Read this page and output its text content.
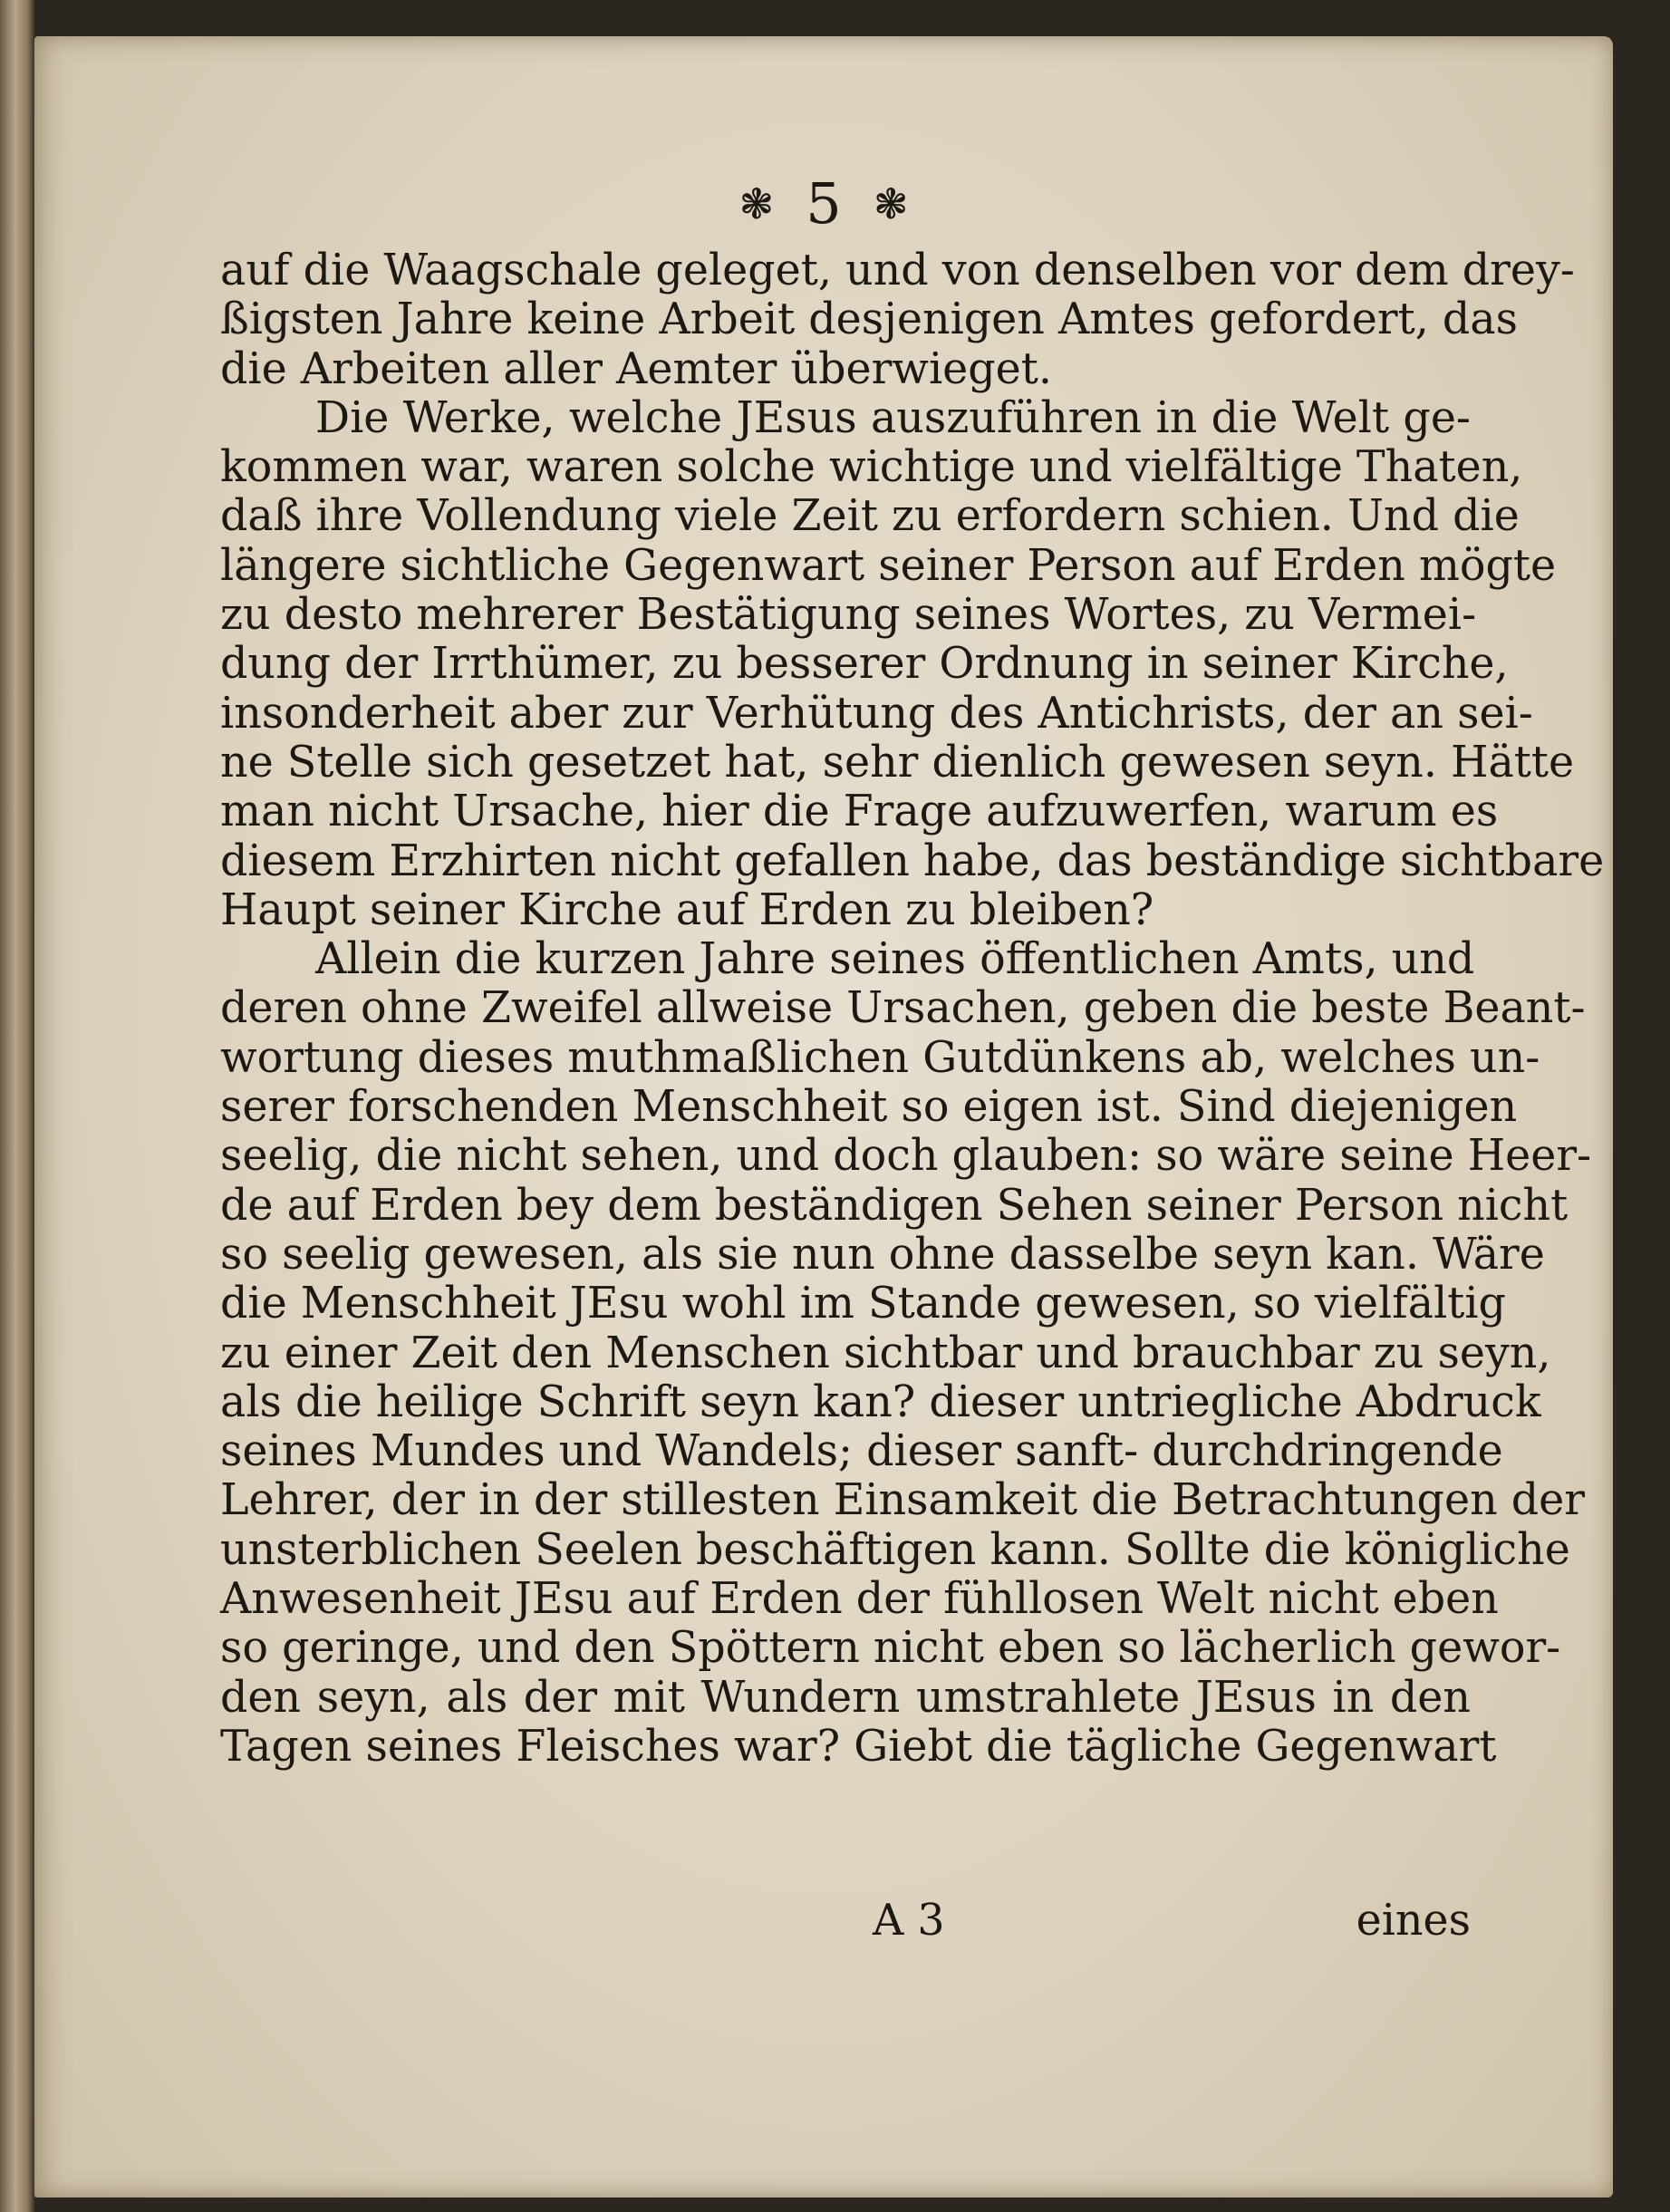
❃ 5 ❃
auf die Waagschale geleget, und von denselben vor dem drey-
ßigsten Jahre keine Arbeit desjenigen Amtes gefordert, das
die Arbeiten aller Aemter überwieget.
Die Werke, welche JEsus auszuführen in die Welt ge-
kommen war, waren solche wichtige und vielfältige Thaten,
daß ihre Vollendung viele Zeit zu erfordern schien. Und die
längere sichtliche Gegenwart seiner Person auf Erden mögte
zu desto mehrerer Bestätigung seines Wortes, zu Vermei-
dung der Irrthümer, zu besserer Ordnung in seiner Kirche,
insonderheit aber zur Verhütung des Antichrists, der an sei-
ne Stelle sich gesetzet hat, sehr dienlich gewesen seyn. Hätte
man nicht Ursache, hier die Frage aufzuwerfen, warum es
diesem Erzhirten nicht gefallen habe, das beständige sichtbare
Haupt seiner Kirche auf Erden zu bleiben?
Allein die kurzen Jahre seines öffentlichen Amts, und
deren ohne Zweifel allweise Ursachen, geben die beste Beant-
wortung dieses muthmaßlichen Gutdünkens ab, welches un-
serer forschenden Menschheit so eigen ist. Sind diejenigen
seelig, die nicht sehen, und doch glauben: so wäre seine Heer-
de auf Erden bey dem beständigen Sehen seiner Person nicht
so seelig gewesen, als sie nun ohne dasselbe seyn kan. Wäre
die Menschheit JEsu wohl im Stande gewesen, so vielfältig
zu einer Zeit den Menschen sichtbar und brauchbar zu seyn,
als die heilige Schrift seyn kan? dieser untriegliche Abdruck
seines Mundes und Wandels; dieser sanft- durchdringende
Lehrer, der in der stillesten Einsamkeit die Betrachtungen der
unsterblichen Seelen beschäftigen kann. Sollte die königliche
Anwesenheit JEsu auf Erden der fühllosen Welt nicht eben
so geringe, und den Spöttern nicht eben so lächerlich gewor-
den seyn, als der mit Wundern umstrahlete JEsus in den
Tagen seines Fleisches war? Giebt die tägliche Gegenwart
A 3	eines
